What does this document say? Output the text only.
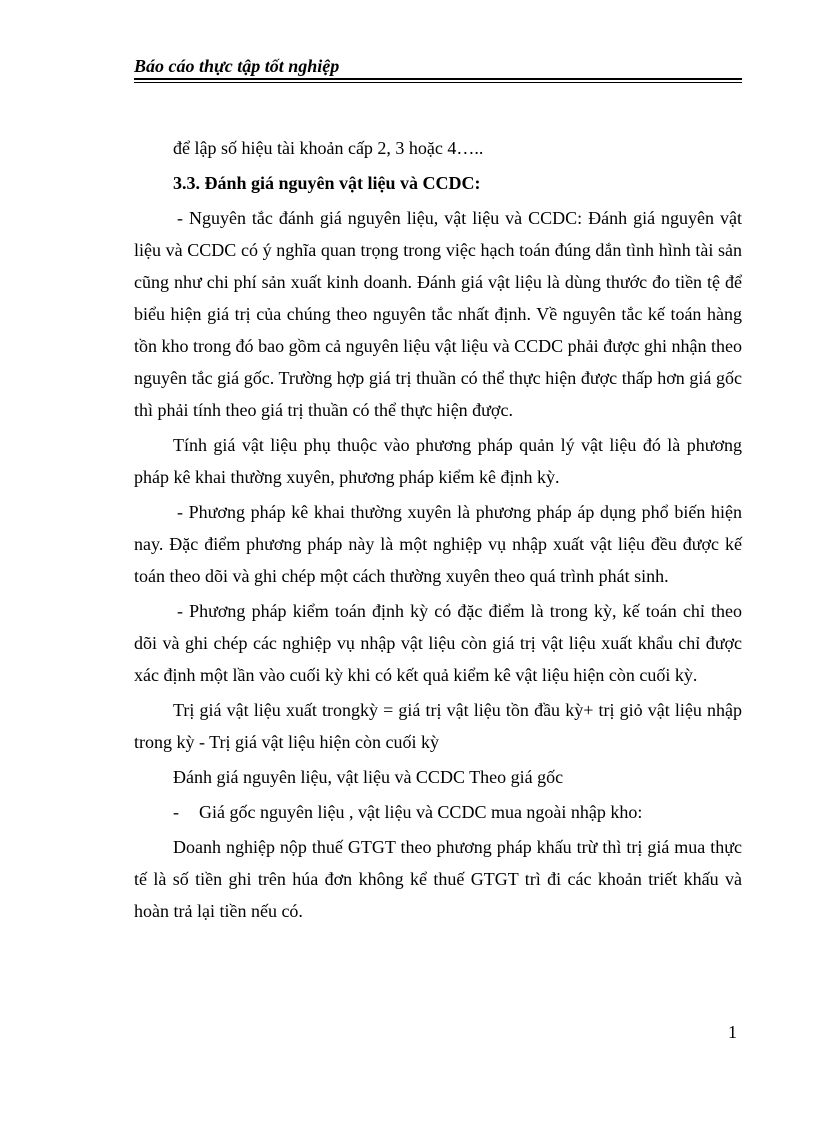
Báo cáo thực tập tốt nghiệp

để lập số hiệu tài khoản cấp 2, 3 hoặc 4…..

3.3. Đánh giá nguyên vật liệu và CCDC:

- Nguyên tắc đánh giá nguyên liệu, vật liệu và CCDC: Đánh giá nguyên vật liệu và CCDC có ý nghĩa quan trọng trong việc hạch toán đúng dắn tình hình tài sản cũng như chi phí sản xuất kinh doanh. Đánh giá vật liệu là dùng thước đo tiền tệ để biểu hiện giá trị của chúng theo nguyên tắc nhất định. Về nguyên tắc kế toán hàng tồn kho trong đó bao gồm cả nguyên liệu vật liệu và CCDC phải được ghi nhận theo nguyên tắc giá gốc. Trường hợp giá trị thuần có thể thực hiện được thấp hơn giá gốc thì phải tính theo giá trị thuần có thể thực hiện được.

Tính giá vật liệu phụ thuộc vào phương pháp quản lý vật liệu đó là phương pháp kê khai thường xuyên, phương pháp kiểm kê định kỳ.

- Phương pháp kê khai thường xuyên là phương pháp áp dụng phổ biến hiện nay. Đặc điểm phương pháp này là một nghiệp vụ nhập xuất vật liệu đều được kế toán theo dõi và ghi chép một cách thường xuyên theo quá trình phát sinh.

- Phương pháp kiểm toán định kỳ có đặc điểm là trong kỳ, kế toán chỉ theo dõi và ghi chép các nghiệp vụ nhập vật liệu còn giá trị vật liệu xuất khẩu chỉ được xác định một lần vào cuối kỳ khi có kết quả kiểm kê vật liệu hiện còn cuối kỳ.

Trị giá vật liệu xuất trongkỳ = giá trị vật liệu tồn đầu kỳ+ trị giỏ vật liệu nhập trong kỳ - Trị giá vật liệu hiện còn cuối kỳ

Đánh giá nguyên liệu, vật liệu và CCDC Theo giá gốc

- Giá gốc nguyên liệu , vật liệu và CCDC mua ngoài nhập kho:

Doanh nghiệp nộp thuế GTGT theo phương pháp khấu trừ thì trị giá mua thực tế là số tiền ghi trên húa đơn không kể thuế GTGT trì đi các khoản triết khấu và hoàn trả lại tiền nếu có.

1
